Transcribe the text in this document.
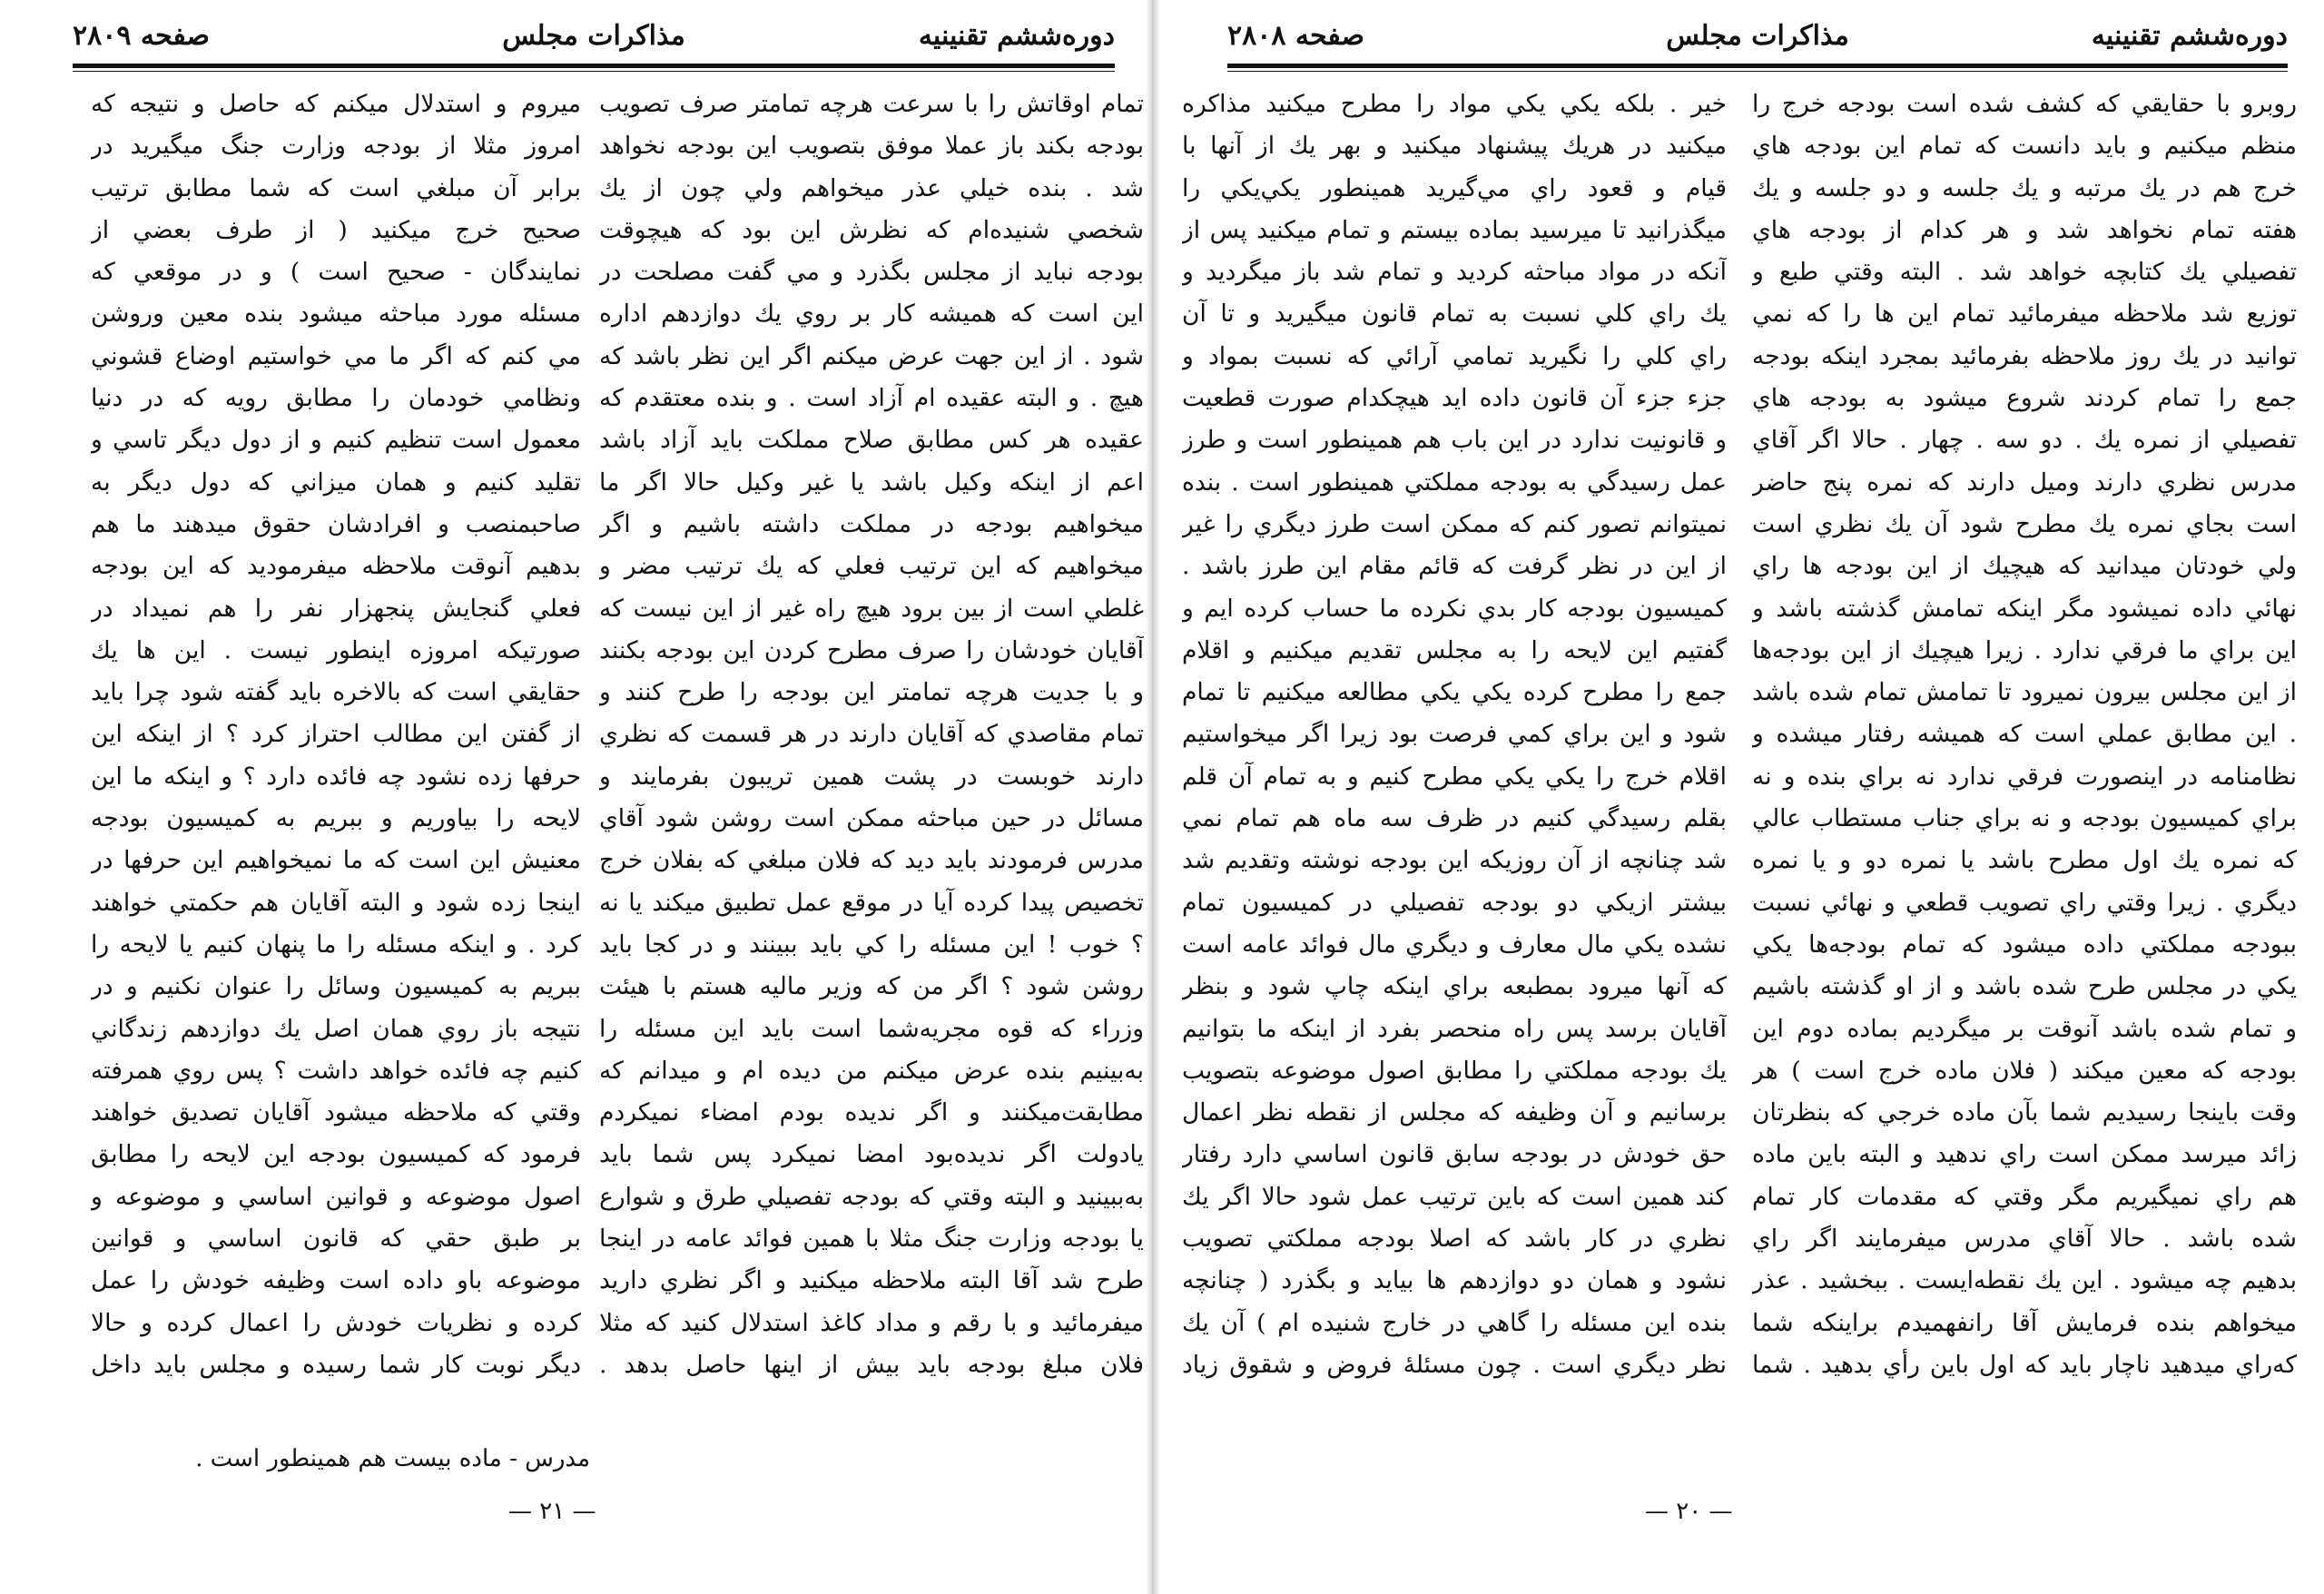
دوره‌ششم تقنينيه
مذاكرات مجلس
صفحه ۲۸۰۹
تمام اوقاتش را با سرعت هرچه تمامتر صرف تصويب بودجه بكند باز عملا موفق بتصويب اين بودجه نخواهد شد . بنده خيلي عذر ميخواهم ولي چون از يك شخصي شنيده‌ام كه نظرش اين بود كه هيچوقت بودجه نبايد از مجلس بگذرد و مي گفت مصلحت در اين است كه هميشه كار بر روي يك دوازدهم اداره شود . از اين جهت عرض ميكنم اگر اين نظر باشد كه هيچ . و البته عقيده ام آزاد است . و بنده معتقدم كه عقيده هر كس مطابق صلاح مملكت بايد آزاد باشد اعم از اينكه وكيل باشد يا غير وكيل حالا اگر ما ميخواهيم بودجه در مملكت داشته باشيم و اگر ميخواهيم كه اين ترتيب فعلي كه يك ترتيب مضر و غلطي است از بين برود هيچ راه غير از اين نيست كه آقايان خودشان را صرف مطرح كردن اين بودجه بكنند و با جديت هرچه تمامتر اين بودجه را طرح كنند و تمام مقاصدي كه آقايان دارند در هر قسمت كه نظري دارند خوبست در پشت همين تريبون بفرمايند و مسائل در حين مباحثه ممكن است روشن شود آقاي مدرس فرمودند بايد ديد كه فلان مبلغي كه بفلان خرج تخصيص پيدا كرده آيا در موقع عمل تطبيق ميكند يا نه ؟ خوب ! اين مسئله را كي بايد ببينند و در كجا بايد روشن شود ؟ اگر من كه وزير ماليه هستم با هيئت وزراء كه قوه مجريه‌شما است بايد اين مسئله را به‌بينيم بنده عرض ميكنم من ديده ام و ميدانم كه مطابقت‌ميكنند و اگر نديده بودم امضاء نميكردم يادولت اگر نديده‌بود امضا نميكرد پس شما بايد به‌ببينيد و البته وقتي كه بودجه تفصيلي طرق و شوارع يا بودجه وزارت جنگ مثلا با همين فوائد عامه در اينجا طرح شد آقا البته ملاحظه ميكنيد و اگر نظري داريد ميفرمائيد و با رقم و مداد كاغذ استدلال كنيد كه مثلا فلان مبلغ بودجه بايد بيش از اينها حاصل بدهد .
ميروم و استدلال ميكنم كه حاصل و نتيجه كه امروز مثلا از بودجه وزارت جنگ ميگيريد در برابر آن مبلغي است كه شما مطابق ترتيب صحيح خرج ميكنيد ( از طرف بعضي از نمايندگان - صحيح است ) و در موقعي كه مسئله مورد مباحثه ميشود بنده معين وروشن مي كنم كه اگر ما مي خواستيم اوضاع قشوني ونظامي خودمان را مطابق رويه كه در دنيا معمول است تنظيم كنيم و از دول ديگر تاسي و تقليد كنيم و همان ميزاني كه دول ديگر به صاحبمنصب و افرادشان حقوق ميدهند ما هم بدهيم آنوقت ملاحظه ميفرموديد كه اين بودجه فعلي گنجايش پنجهزار نفر را هم نميداد در صورتيكه امروزه اينطور نيست . اين ها يك حقايقي است كه بالاخره بايد گفته شود چرا بايد از گفتن اين مطالب احتراز كرد ؟ از اينكه اين حرفها زده نشود چه فائده دارد ؟ و اينكه ما اين لايحه را بياوريم و ببريم به كميسيون بودجه معنيش اين است كه ما نميخواهيم اين حرفها در اينجا زده شود و البته آقايان هم حكمتي خواهند كرد . و اينكه مسئله را ما پنهان كنيم يا لايحه را ببريم به كميسيون وسائل را عنوان نكنيم و در نتيجه باز روي همان اصل يك دوازدهم زندگاني كنيم چه فائده خواهد داشت ؟ پس روي همرفته وقتي كه ملاحظه ميشود آقايان تصديق خواهند فرمود كه كميسيون بودجه اين لايحه را مطابق اصول موضوعه و قوانين اساسي و موضوعه و بر طبق حقي كه قانون اساسي و قوانين موضوعه باو داده است وظيفه خودش را عمل كرده و نظريات خودش را اعمال كرده و حالا ديگر نوبت كار شما رسيده و مجلس بايد داخل
مدرس - ماده بيست هم همينطور است .
— ۲۱ —
دوره‌ششم تقنينيه
مذاكرات مجلس
صفحه ۲۸۰۸
روبرو با حقايقي كه كشف شده است بودجه خرج را منظم ميكنيم و بايد دانست كه تمام اين بودجه هاي خرج هم در يك مرتبه و يك جلسه و دو جلسه و يك هفته تمام نخواهد شد و هر كدام از بودجه هاي تفصيلي يك كتابچه خواهد شد . البته وقتي طبع و توزيع شد ملاحظه ميفرمائيد تمام اين ها را كه نمي توانيد در يك روز ملاحظه بفرمائيد بمجرد اينكه بودجه جمع را تمام كردند شروع ميشود به بودجه هاي تفصيلي از نمره يك . دو سه . چهار . حالا اگر آقاي مدرس نظري دارند وميل دارند كه نمره پنج حاضر است بجاي نمره يك مطرح شود آن يك نظري است ولي خودتان ميدانيد كه هيچيك از اين بودجه ها راي نهائي داده نميشود مگر اينكه تمامش گذشته باشد و اين براي ما فرقي ندارد . زيرا هيچيك از اين بودجه‌ها از اين مجلس بيرون نميرود تا تمامش تمام شده باشد . اين مطابق عملي است كه هميشه رفتار ميشده و نظامنامه در اينصورت فرقي ندارد نه براي بنده و نه براي كميسيون بودجه و نه براي جناب مستطاب عالي كه نمره يك اول مطرح باشد يا نمره دو و يا نمره ديگري . زيرا وقتي راي تصويب قطعي و نهائي نسبت ببودجه مملكتي داده ميشود كه تمام بودجه‌ها يكي يكي در مجلس طرح شده باشد و از او گذشته باشيم و تمام شده باشد آنوقت بر ميگرديم بماده دوم اين بودجه كه معين ميكند ( فلان ماده خرج است ) هر وقت باينجا رسيديم شما بآن ماده خرجي كه بنظرتان زائد ميرسد ممكن است راي ندهيد و البته باين ماده هم راي نميگيريم مگر وقتي كه مقدمات كار تمام شده باشد . حالا آقاي مدرس ميفرمايند اگر راي بدهيم چه ميشود . اين يك نقطه‌ايست . ببخشيد . عذر ميخواهم بنده فرمايش آقا رانفهميدم براينكه شما كه‌راي ميدهيد ناچار بايد كه اول باين رأي بدهيد . شما
خير . بلكه يكي يكي مواد را مطرح ميكنيد مذاكره ميكنيد در هريك پيشنهاد ميكنيد و بهر يك از آنها با قيام و قعود راي مي‌گيريد همينطور يكي‌يكي را ميگذرانيد تا ميرسيد بماده بيستم و تمام ميكنيد پس از آنكه در مواد مباحثه كرديد و تمام شد باز ميگرديد و يك راي كلي نسبت به تمام قانون ميگيريد و تا آن راي كلي را نگيريد تمامي آرائي كه نسبت بمواد و جزء جزء آن قانون داده ايد هيچكدام صورت قطعيت و قانونيت ندارد در اين باب هم همينطور است و طرز عمل رسيدگي به بودجه مملكتي همينطور است . بنده نميتوانم تصور كنم كه ممكن است طرز ديگري را غير از اين در نظر گرفت كه قائم مقام اين طرز باشد . كميسيون بودجه كار بدي نكرده ما حساب كرده ايم و گفتيم اين لايحه را به مجلس تقديم ميكنيم و اقلام جمع را مطرح كرده يكي يكي مطالعه ميكنيم تا تمام شود و اين براي كمي فرصت بود زيرا اگر ميخواستيم اقلام خرج را يكي يكي مطرح كنيم و به تمام آن قلم بقلم رسيدگي كنيم در ظرف سه ماه هم تمام نمي شد چنانچه از آن روزيكه اين بودجه نوشته وتقديم شد بيشتر ازيكي دو بودجه تفصيلي در كميسيون تمام نشده يكي مال معارف و ديگري مال فوائد عامه است كه آنها ميرود بمطبعه براي اينكه چاپ شود و بنظر آقايان برسد پس راه منحصر بفرد از اينكه ما بتوانيم يك بودجه مملكتي را مطابق اصول موضوعه بتصويب برسانيم و آن وظيفه كه مجلس از نقطه نظر اعمال حق خودش در بودجه سابق قانون اساسي دارد رفتار كند همين است كه باين ترتيب عمل شود حالا اگر يك نظري در كار باشد كه اصلا بودجه مملكتي تصويب نشود و همان دو دوازدهم ها بيايد و بگذرد ( چنانچه بنده اين مسئله را گاهي در خارج شنيده ام ) آن يك نظر ديگري است . چون مسئلهٔ فروض و شقوق زياد
— ۲۰ —
